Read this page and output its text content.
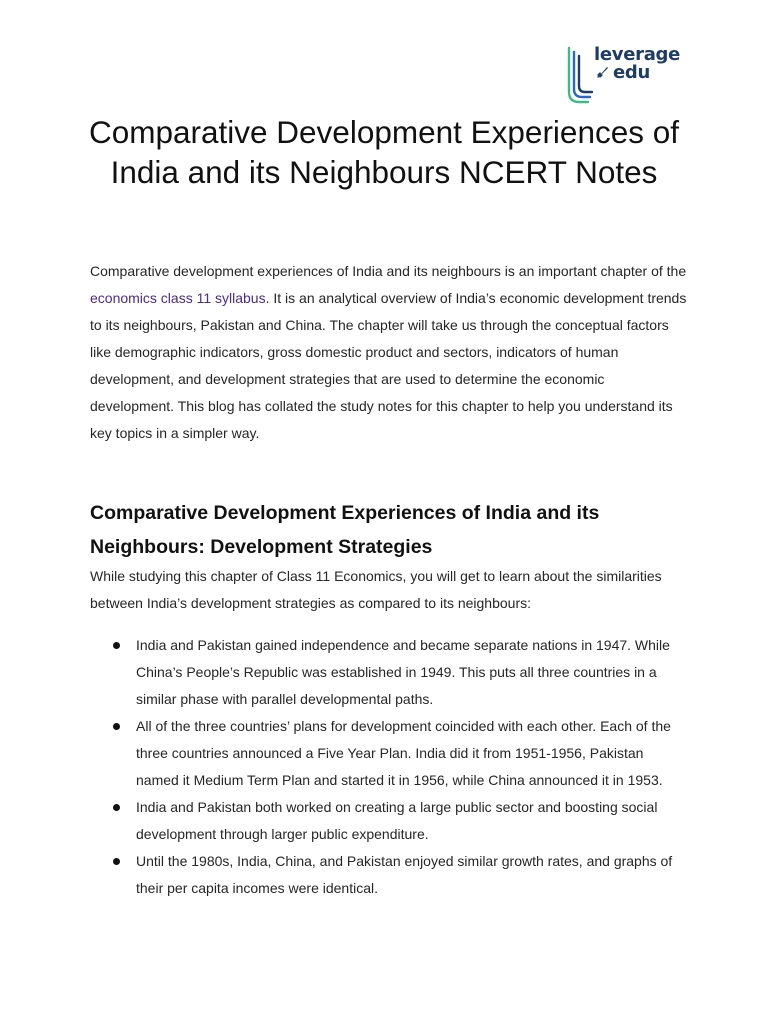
leverage
edu
Comparative Development Experiences of India and its Neighbours NCERT Notes

Comparative development experiences of India and its neighbours is an important chapter of the economics class 11 syllabus. It is an analytical overview of India’s economic development trends to its neighbours, Pakistan and China. The chapter will take us through the conceptual factors like demographic indicators, gross domestic product and sectors, indicators of human development, and development strategies that are used to determine the economic development. This blog has collated the study notes for this chapter to help you understand its key topics in a simpler way.

Comparative Development Experiences of India and its Neighbours: Development Strategies

While studying this chapter of Class 11 Economics, you will get to learn about the similarities between India’s development strategies as compared to its neighbours:

India and Pakistan gained independence and became separate nations in 1947. While China’s People’s Republic was established in 1949. This puts all three countries in a similar phase with parallel developmental paths.
All of the three countries’ plans for development coincided with each other. Each of the three countries announced a Five Year Plan. India did it from 1951-1956, Pakistan named it Medium Term Plan and started it in 1956, while China announced it in 1953.
India and Pakistan both worked on creating a large public sector and boosting social development through larger public expenditure.
Until the 1980s, India, China, and Pakistan enjoyed similar growth rates, and graphs of their per capita incomes were identical.
